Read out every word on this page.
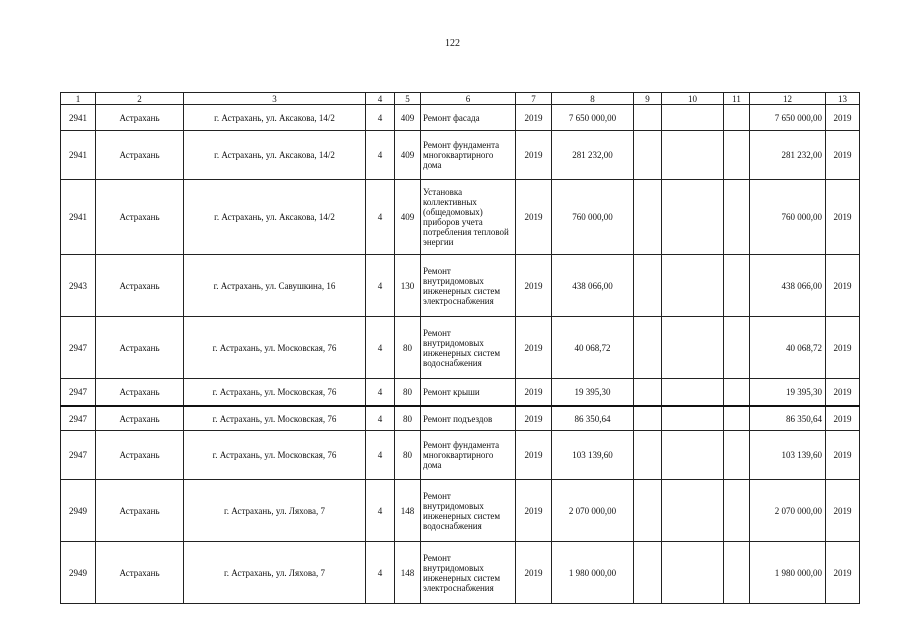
122
1	2	3	4	5	6	7	8	9	10	11	12	13
2941	Астрахань	г. Астрахань, ул. Аксакова, 14/2	4	409	Ремонт фасада	2019	7 650 000,00				7 650 000,00	2019
2941	Астрахань	г. Астрахань, ул. Аксакова, 14/2	4	409	Ремонт фундамента многоквартирного дома	2019	281 232,00				281 232,00	2019
2941	Астрахань	г. Астрахань, ул. Аксакова, 14/2	4	409	Установка коллективных (общедомовых) приборов учета потребления тепловой энергии	2019	760 000,00				760 000,00	2019
2943	Астрахань	г. Астрахань, ул. Савушкина, 16	4	130	Ремонт внутридомовых инженерных систем электроснабжения	2019	438 066,00				438 066,00	2019
2947	Астрахань	г. Астрахань, ул. Московская, 76	4	80	Ремонт внутридомовых инженерных систем водоснабжения	2019	40 068,72				40 068,72	2019
2947	Астрахань	г. Астрахань, ул. Московская, 76	4	80	Ремонт крыши	2019	19 395,30				19 395,30	2019
2947	Астрахань	г. Астрахань, ул. Московская, 76	4	80	Ремонт подъездов	2019	86 350,64				86 350,64	2019
2947	Астрахань	г. Астрахань, ул. Московская, 76	4	80	Ремонт фундамента многоквартирного дома	2019	103 139,60				103 139,60	2019
2949	Астрахань	г. Астрахань, ул. Ляхова, 7	4	148	Ремонт внутридомовых инженерных систем водоснабжения	2019	2 070 000,00				2 070 000,00	2019
2949	Астрахань	г. Астрахань, ул. Ляхова, 7	4	148	Ремонт внутридомовых инженерных систем электроснабжения	2019	1 980 000,00				1 980 000,00	2019
